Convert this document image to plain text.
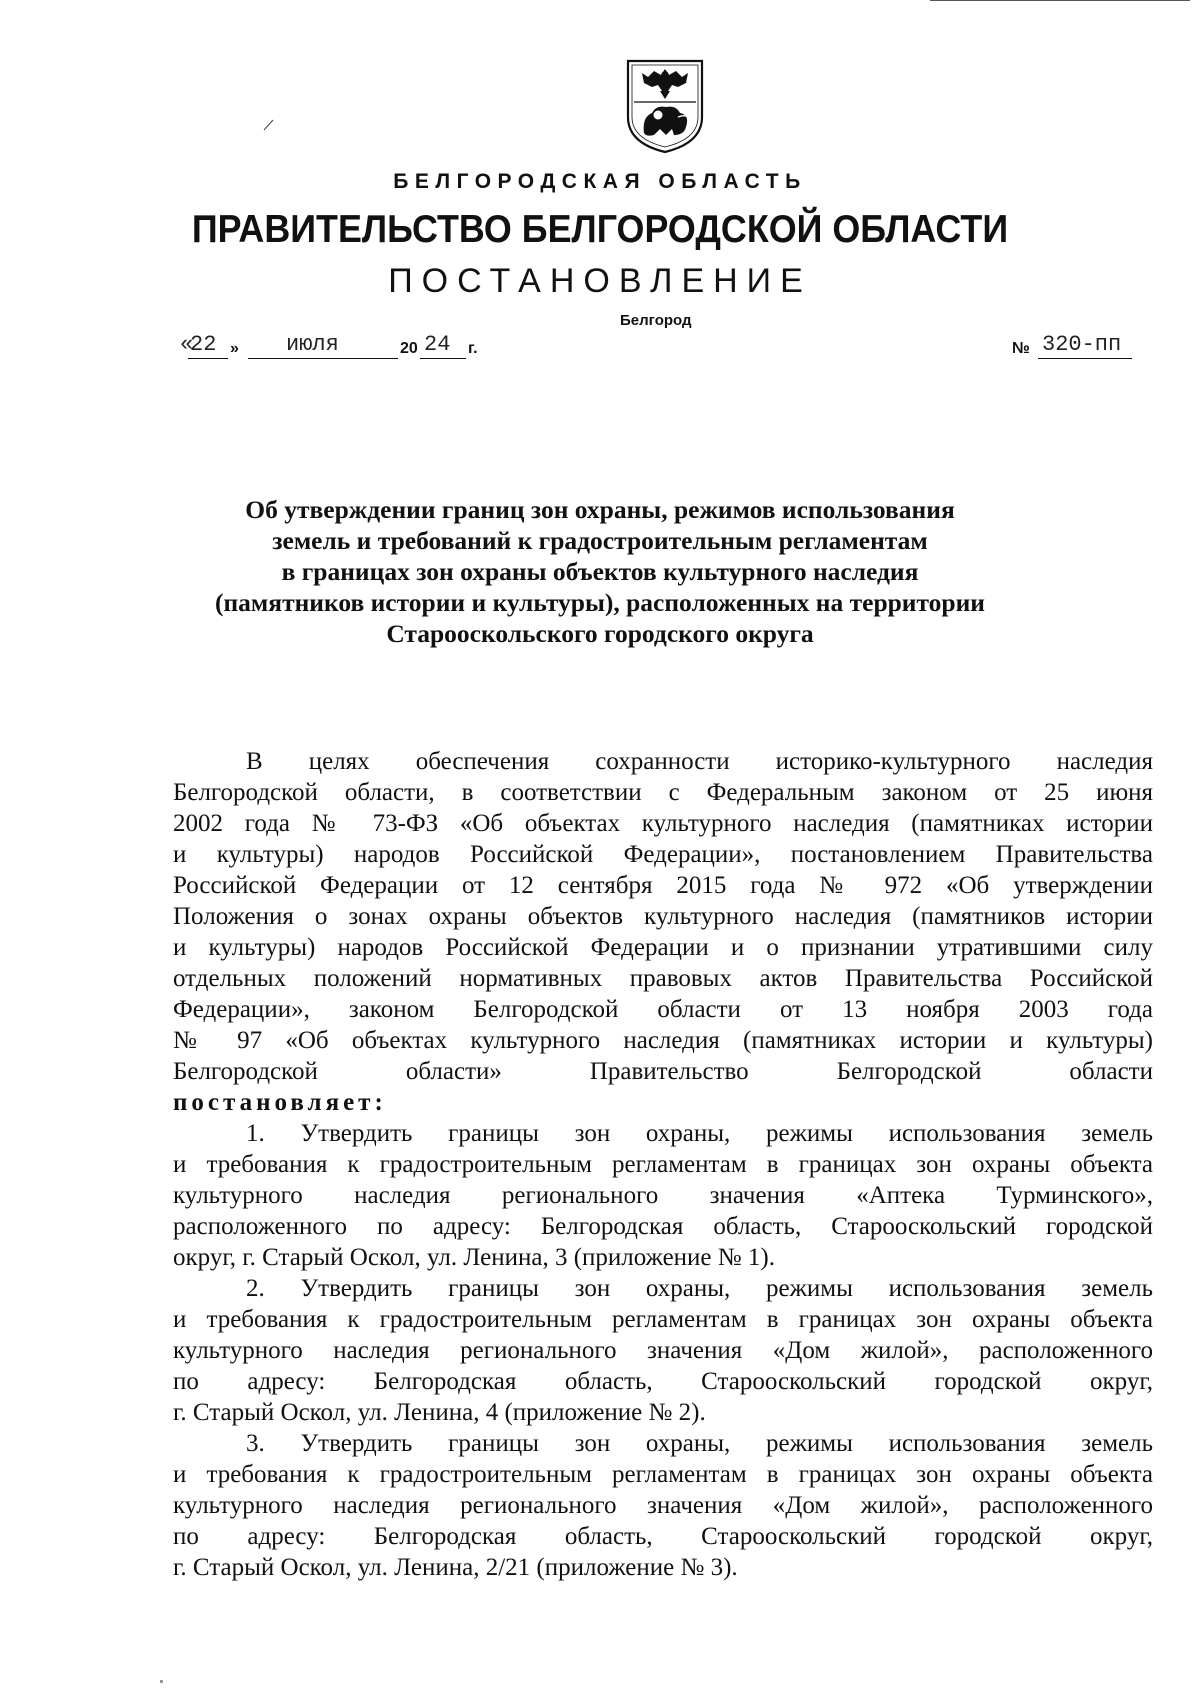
БЕЛГОРОДСКАЯ ОБЛАСТЬ
ПРАВИТЕЛЬСТВО БЕЛГОРОДСКОЙ ОБЛАСТИ
ПОСТАНОВЛЕНИЕ
Белгород
«
22 » июля	20 24 г.	№ 320-пп
Об утверждении границ зон охраны, режимов использования
земель и требований к градостроительным регламентам
в границах зон охраны объектов культурного наследия
(памятников истории и культуры), расположенных на территории
Старооскольского городского округа
В целях обеспечения сохранности историко-культурного наследия
Белгородской области, в соответствии с Федеральным законом от 25 июня
2002 года № 73-ФЗ «Об объектах культурного наследия (памятниках истории
и культуры) народов Российской Федерации», постановлением Правительства
Российской Федерации от 12 сентября 2015 года № 972 «Об утверждении
Положения о зонах охраны объектов культурного наследия (памятников истории
и культуры) народов Российской Федерации и о признании утратившими силу
отдельных положений нормативных правовых актов Правительства Российской
Федерации», законом Белгородской области от 13 ноября 2003 года
№ 97 «Об объектах культурного наследия (памятниках истории и культуры)
Белгородской области» Правительство Белгородской области
постановляет:
1. Утвердить границы зон охраны, режимы использования земель
и требования к градостроительным регламентам в границах зон охраны объекта
культурного наследия регионального значения «Аптека Турминского»,
расположенного по адресу: Белгородская область, Старооскольский городской
округ, г. Старый Оскол, ул. Ленина, 3 (приложение № 1).
2. Утвердить границы зон охраны, режимы использования земель
и требования к градостроительным регламентам в границах зон охраны объекта
культурного наследия регионального значения «Дом жилой», расположенного
по адресу: Белгородская область, Старооскольский городской округ,
г. Старый Оскол, ул. Ленина, 4 (приложение № 2).
3. Утвердить границы зон охраны, режимы использования земель
и требования к градостроительным регламентам в границах зон охраны объекта
культурного наследия регионального значения «Дом жилой», расположенного
по адресу: Белгородская область, Старооскольский городской округ,
г. Старый Оскол, ул. Ленина, 2/21 (приложение № 3).
